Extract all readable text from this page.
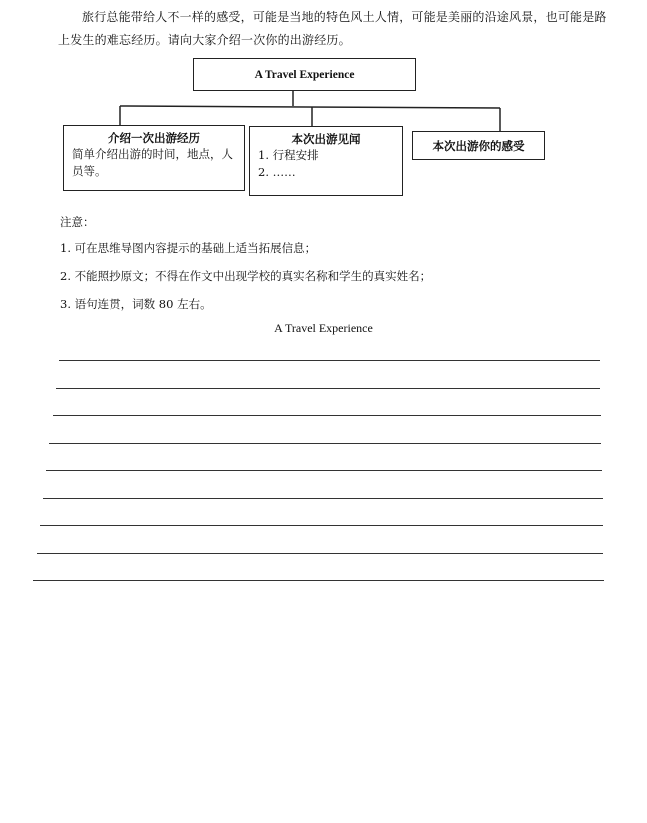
旅行总能带给人不一样的感受，可能是当地的特色风土人情，可能是美丽的沿途风景，也可能是路上发生的难忘经历。请向大家介绍一次你的出游经历。
A Travel Experience
介绍一次出游经历
简单介绍出游的时间，地点，人员等。
本次出游见闻
1. 行程安排
2. ……
本次出游你的感受
注意：
1. 可在思维导图内容提示的基础上适当拓展信息；
2. 不能照抄原文；不得在作文中出现学校的真实名称和学生的真实姓名；
3. 语句连贯，词数 80 左右。
A Travel Experience
